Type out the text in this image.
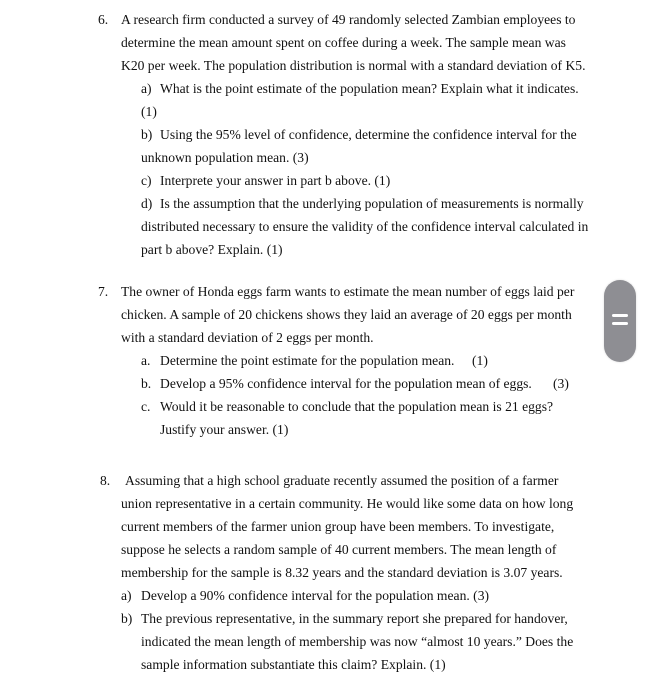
6. A research firm conducted a survey of 49 randomly selected Zambian employees to
determine the mean amount spent on coffee during a week. The sample mean was
K20 per week. The population distribution is normal with a standard deviation of K5.
a) What is the point estimate of the population mean? Explain what it indicates.
(1)
b) Using the 95% level of confidence, determine the confidence interval for the
unknown population mean. (3)
c) Interprete your answer in part b above. (1)
d) Is the assumption that the underlying population of measurements is normally
distributed necessary to ensure the validity of the confidence interval calculated in
part b above? Explain. (1)
7. The owner of Honda eggs farm wants to estimate the mean number of eggs laid per
chicken. A sample of 20 chickens shows they laid an average of 20 eggs per month
with a standard deviation of 2 eggs per month.
a. Determine the point estimate for the population mean. (1)
b. Develop a 95% confidence interval for the population mean of eggs. (3)
c. Would it be reasonable to conclude that the population mean is 21 eggs?
Justify your answer. (1)
8. Assuming that a high school graduate recently assumed the position of a farmer
union representative in a certain community. He would like some data on how long
current members of the farmer union group have been members. To investigate,
suppose he selects a random sample of 40 current members. The mean length of
membership for the sample is 8.32 years and the standard deviation is 3.07 years.
a) Develop a 90% confidence interval for the population mean. (3)
b) The previous representative, in the summary report she prepared for handover,
indicated the mean length of membership was now “almost 10 years.” Does the
sample information substantiate this claim? Explain. (1)
